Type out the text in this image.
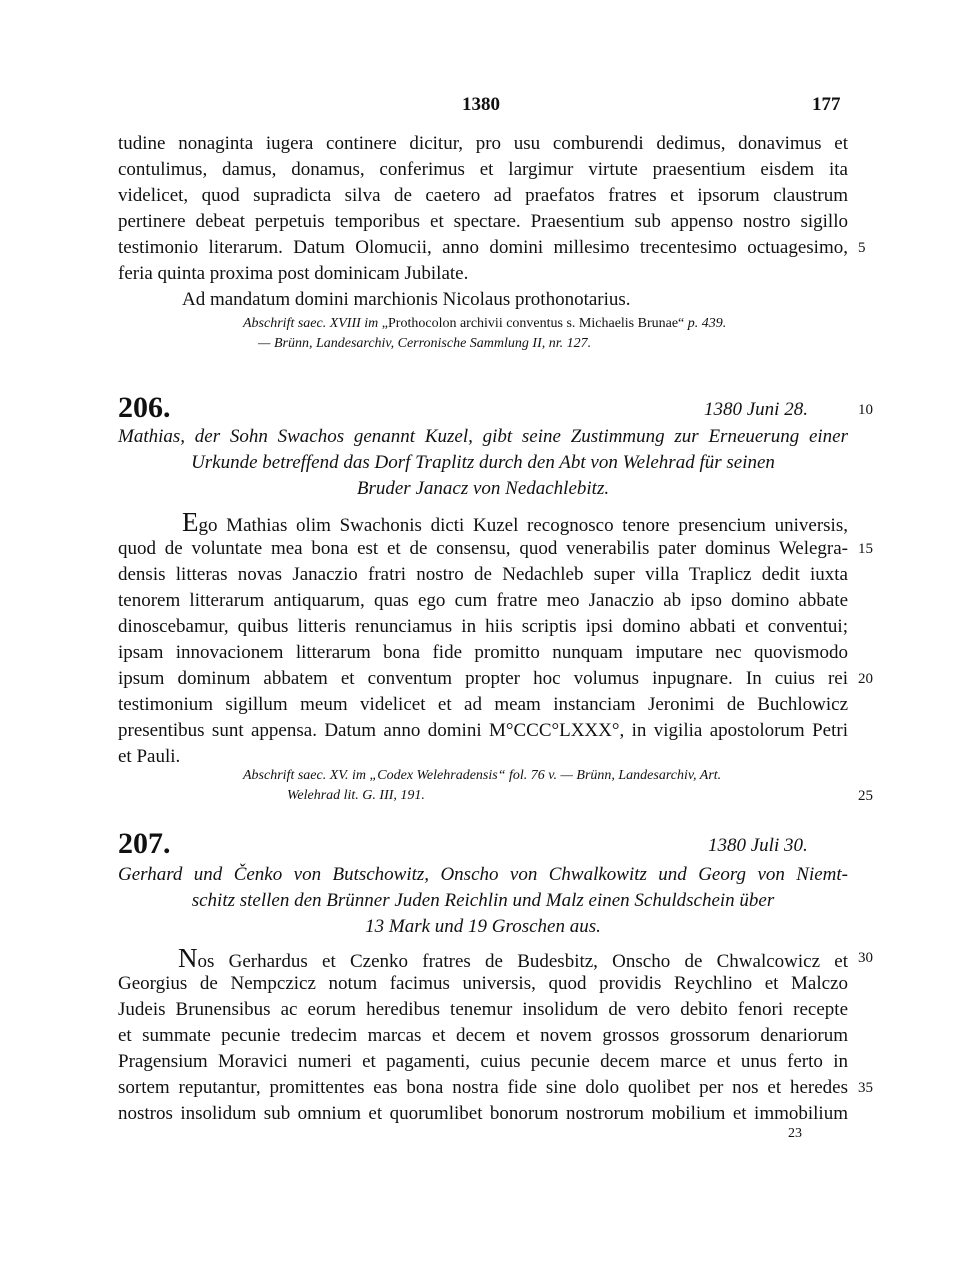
1380	177
tudine nonaginta iugera continere dicitur, pro usu comburendi dedimus, donavimus et
contulimus, damus, donamus, conferimus et largimur virtute praesentium eisdem ita
videlicet, quod supradicta silva de caetero ad praefatos fratres et ipsorum claustrum
pertinere debeat perpetuis temporibus et spectare. Praesentium sub appenso nostro sigillo
testimonio literarum. Datum Olomucii, anno domini millesimo trecentesimo octuagesimo,
feria quinta proxima post dominicam Jubilate.
Ad mandatum domini marchionis Nicolaus prothonotarius.
5
Abschrift saec. XVIII im „Prothocolon archivii conventus s. Michaelis Brunae“ p. 439.
— Brünn, Landesarchiv, Cerronische Sammlung II, nr. 127.
206.	1380 Juni 28.	10
Mathias, der Sohn Swachos genannt Kuzel, gibt seine Zustimmung zur Erneuerung einer
Urkunde betreffend das Dorf Traplitz durch den Abt von Welehrad für seinen
Bruder Janacz von Nedachlebitz.
Ego Mathias olim Swachonis dicti Kuzel recognosco tenore presencium universis,
quod de voluntate mea bona est et de consensu, quod venerabilis pater dominus Welegra-
densis litteras novas Janaczio fratri nostro de Nedachleb super villa Traplicz dedit iuxta
tenorem litterarum antiquarum, quas ego cum fratre meo Janaczio ab ipso domino abbate
dinoscebamur, quibus litteris renunciamus in hiis scriptis ipsi domino abbati et conventui;
ipsam innovacionem litterarum bona fide promitto nunquam imputare nec quovismodo
ipsum dominum abbatem et conventum propter hoc volumus inpugnare. In cuius rei
testimonium sigillum meum videlicet et ad meam instanciam Jeronimi de Buchlowicz
presentibus sunt appensa. Datum anno domini M°CCC°LXXX°, in vigilia apostolorum Petri
et Pauli.
15
20
Abschrift saec. XV. im „Codex Welehradensis“ fol. 76 v. — Brünn, Landesarchiv, Art.
Welehrad lit. G. III, 191.	25
207.	1380 Juli 30.
Gerhard und Čenko von Butschowitz, Onscho von Chwalkowitz und Georg von Niemt-
schitz stellen den Brünner Juden Reichlin und Malz einen Schuldschein über
13 Mark und 19 Groschen aus.
Nos Gerhardus et Czenko fratres de Budesbitz, Onscho de Chwalcowicz et
Georgius de Nempczicz notum facimus universis, quod providis Reychlino et Malczo
Judeis Brunensibus ac eorum heredibus tenemur insolidum de vero debito fenori recepte
et summate pecunie tredecim marcas et decem et novem grossos grossorum denariorum
Pragensium Moravici numeri et pagamenti, cuius pecunie decem marce et unus ferto in
sortem reputantur, promittentes eas bona nostra fide sine dolo quolibet per nos et heredes
nostros insolidum sub omnium et quorumlibet bonorum nostrorum mobilium et immobilium
30
35
23
